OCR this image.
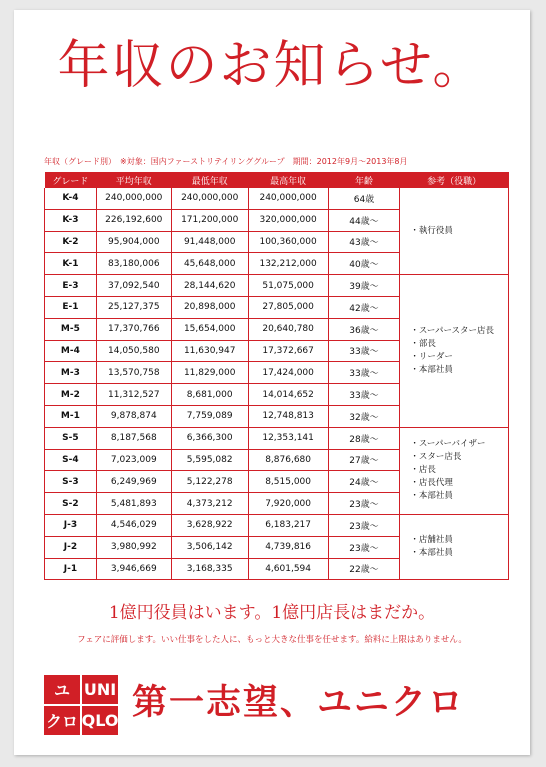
年収のお知らせ。
年収（グレード別）　※対象：国内ファーストリテイリンググループ　期間：2012年9月〜2013年8月
グレード	平均年収	最低年収	最高年収	年齢	参考（役職）
K-4	240,000,000	240,000,000	240,000,000	64歳	・執行役員

K-3	226,192,600	171,200,000	320,000,000	44歳〜	
K-2	95,904,000	91,448,000	100,360,000	43歳〜	
K-1	83,180,006	45,648,000	132,212,000	40歳〜	
E-3	37,092,540	28,144,620	51,075,000	39歳〜	・スーパースター店長
・部長
・リーダー
・本部社員

E-1	25,127,375	20,898,000	27,805,000	42歳〜	
M-5	17,370,766	15,654,000	20,640,780	36歳〜	
M-4	14,050,580	11,630,947	17,372,667	33歳〜	
M-3	13,570,758	11,829,000	17,424,000	33歳〜	
M-2	11,312,527	8,681,000	14,014,652	33歳〜	
M-1	9,878,874	7,759,089	12,748,813	32歳〜	
S-5	8,187,568	6,366,300	12,353,141	28歳〜	・スーパーバイザー
・スター店長
・店長
・店長代理
・本部社員

S-4	7,023,009	5,595,082	8,876,680	27歳〜	
S-3	6,249,969	5,122,278	8,515,000	24歳〜	
S-2	5,481,893	4,373,212	7,920,000	23歳〜	
J-3	4,546,029	3,628,922	6,183,217	23歳〜	・店舗社員
・本部社員

J-2	3,980,992	3,506,142	4,739,816	23歳〜	
J-1	3,946,669	3,168,335	4,601,594	22歳〜	
1億円役員はいます。1億円店長はまだか。
フェアに評価します。いい仕事をした人に、もっと大きな仕事を任せます。給料に上限はありません。
ユ UNI
ク ロ QLO 第一志望、ユニクロ
